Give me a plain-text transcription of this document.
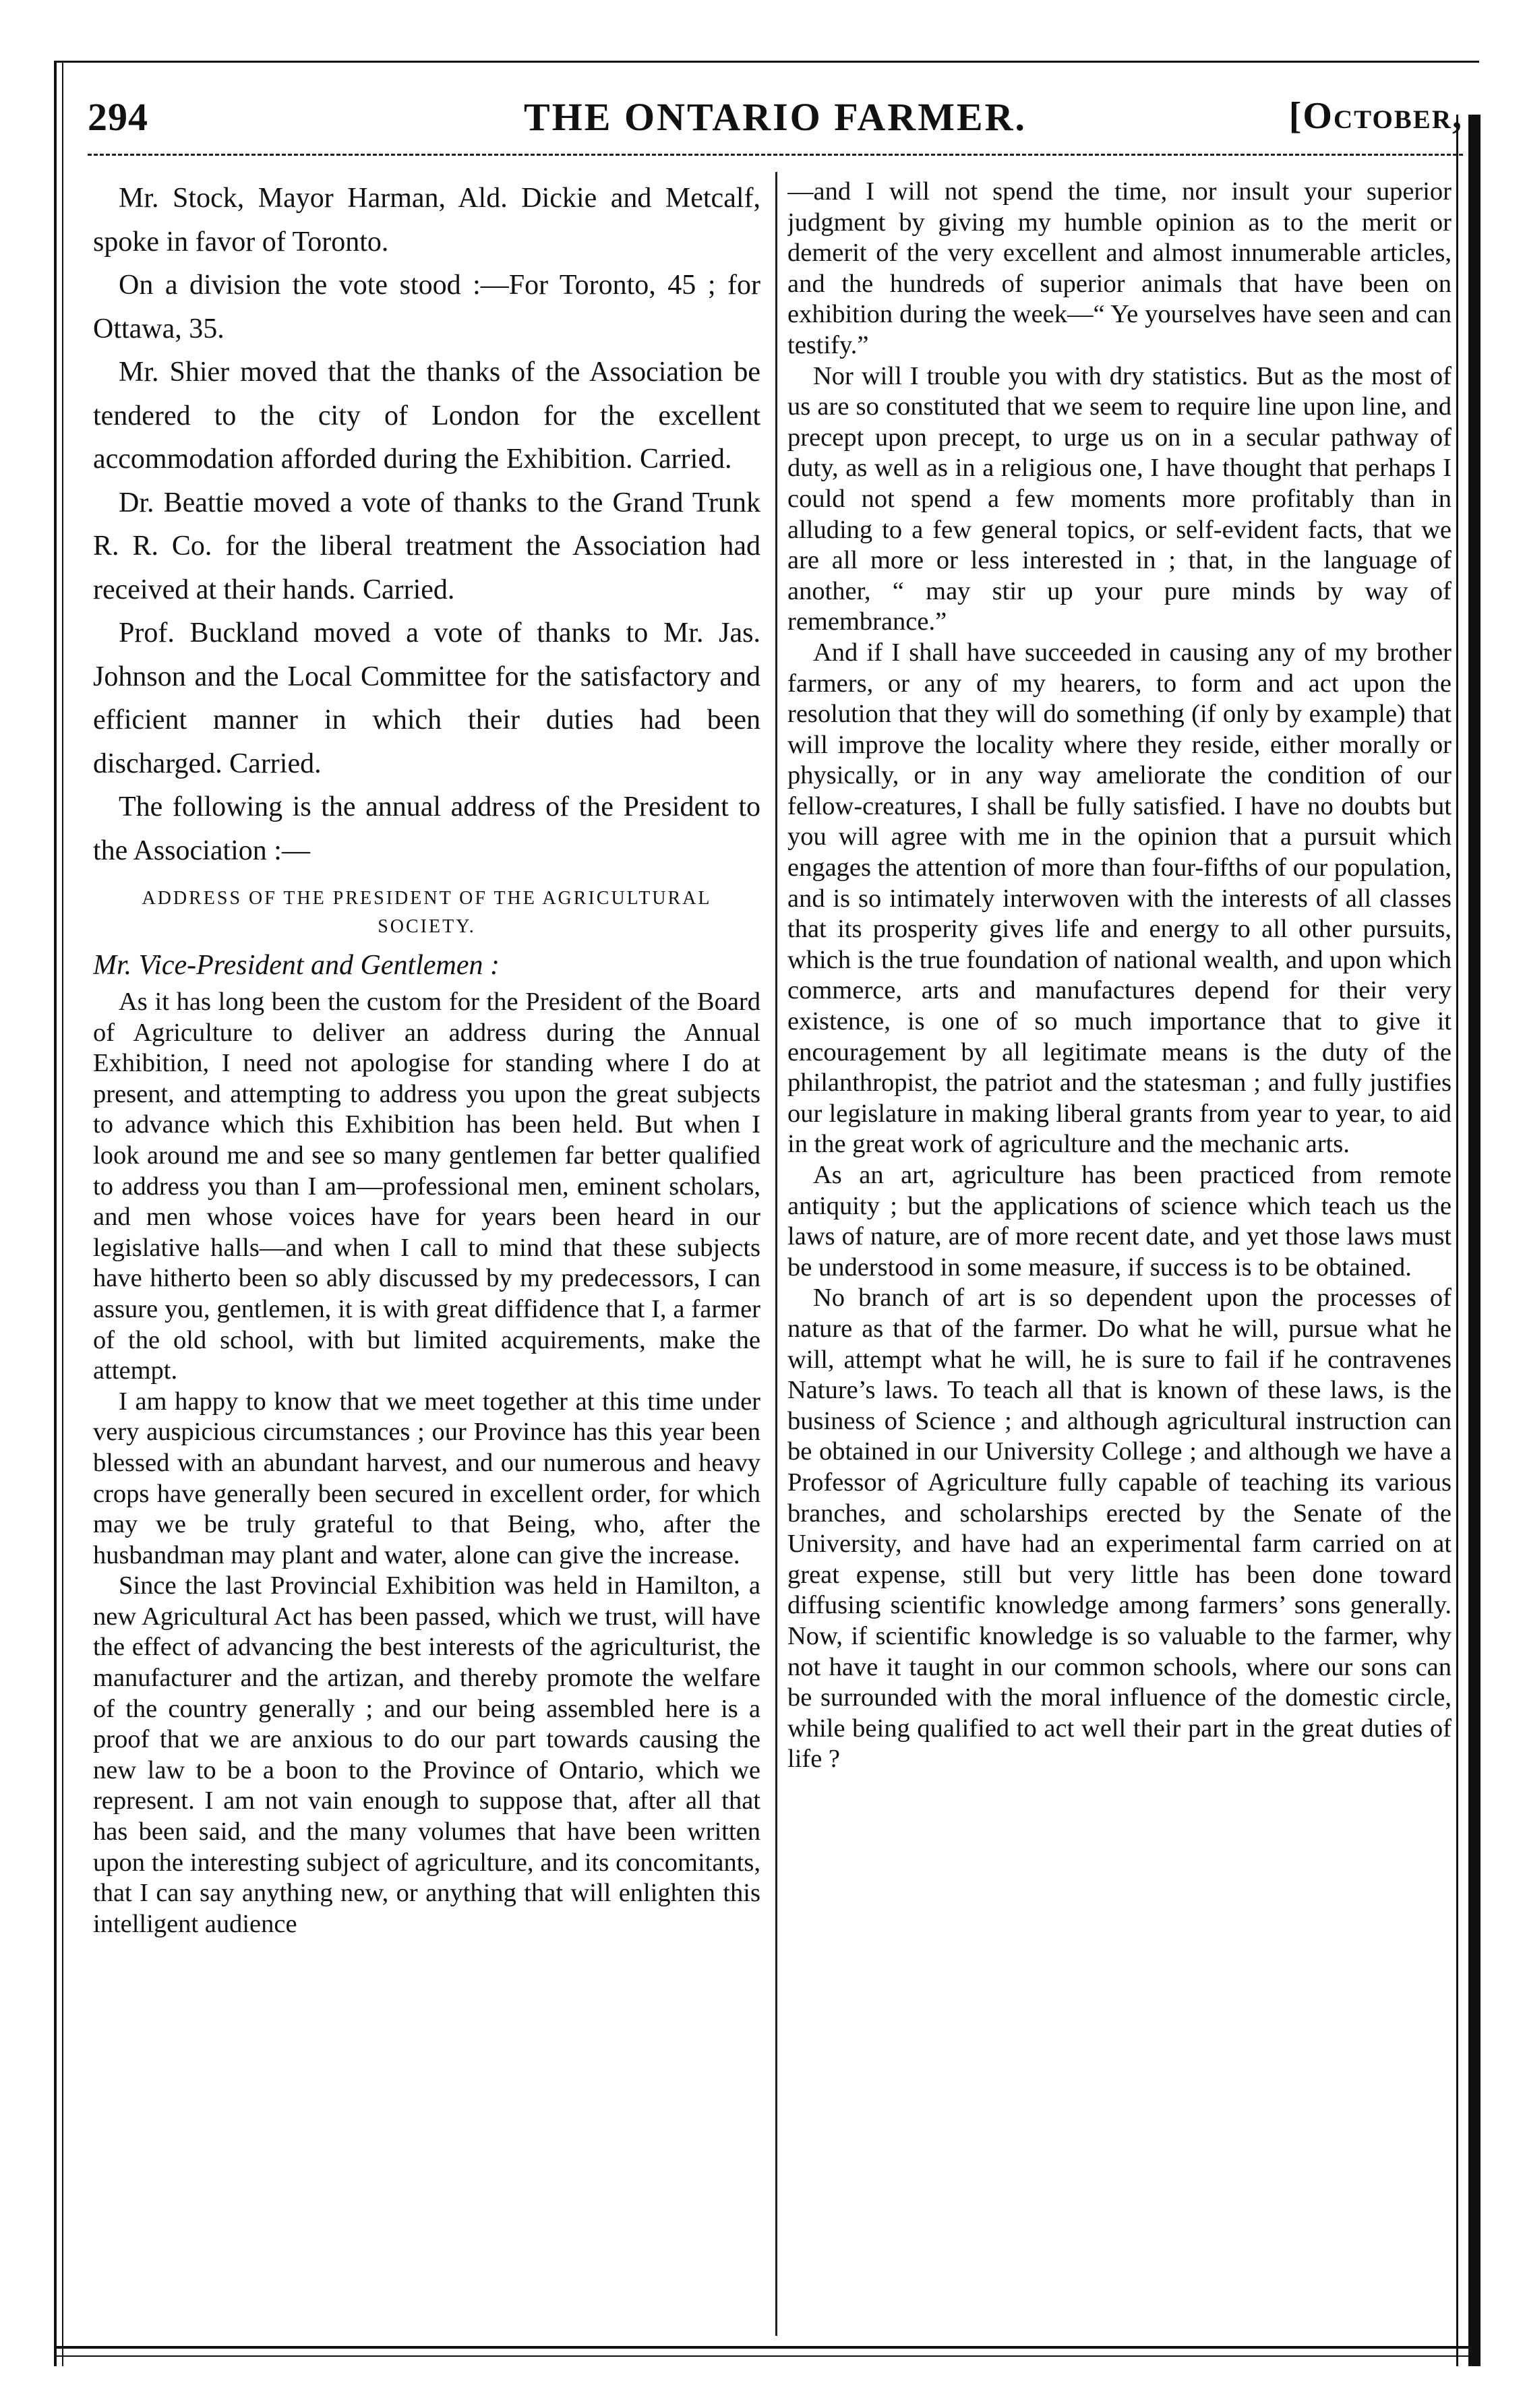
294	THE ONTARIO FARMER.	[October,

Mr. Stock, Mayor Harman, Ald. Dickie and Metcalf, spoke in favor of Toronto.

On a division the vote stood :—For Toronto, 45 ; for Ottawa, 35.

Mr. Shier moved that the thanks of the Association be tendered to the city of London for the excellent accommodation afforded during the Exhibition. Carried.

Dr. Beattie moved a vote of thanks to the Grand Trunk R. R. Co. for the liberal treatment the Association had received at their hands. Carried.

Prof. Buckland moved a vote of thanks to Mr. Jas. Johnson and the Local Committee for the satisfactory and efficient manner in which their duties had been discharged. Carried.

The following is the annual address of the President to the Association :—

ADDRESS OF THE PRESIDENT OF THE AGRICULTURAL SOCIETY.
Mr. Vice-President and Gentlemen :

As it has long been the custom for the President of the Board of Agriculture to deliver an address during the Annual Exhibition, I need not apologise for standing where I do at present, and attempting to address you upon the great subjects to advance which this Exhibition has been held. But when I look around me and see so many gentlemen far better qualified to address you than I am—professional men, eminent scholars, and men whose voices have for years been heard in our legislative halls—and when I call to mind that these subjects have hitherto been so ably discussed by my predecessors, I can assure you, gentlemen, it is with great diffidence that I, a farmer of the old school, with but limited acquirements, make the attempt.

I am happy to know that we meet together at this time under very auspicious circumstances ; our Province has this year been blessed with an abundant harvest, and our numerous and heavy crops have generally been secured in excellent order, for which may we be truly grateful to that Being, who, after the husbandman may plant and water, alone can give the increase.

Since the last Provincial Exhibition was held in Hamilton, a new Agricultural Act has been passed, which we trust, will have the effect of advancing the best interests of the agriculturist, the manufacturer and the artizan, and thereby promote the welfare of the country generally ; and our being assembled here is a proof that we are anxious to do our part towards causing the new law to be a boon to the Province of Ontario, which we represent. I am not vain enough to suppose that, after all that has been said, and the many volumes that have been written upon the interesting subject of agriculture, and its concomitants, that I can say anything new, or anything that will enlighten this intelligent audience

—and I will not spend the time, nor insult your superior judgment by giving my humble opinion as to the merit or demerit of the very excellent and almost innumerable articles, and the hundreds of superior animals that have been on exhibition during the week—“ Ye yourselves have seen and can testify.”

Nor will I trouble you with dry statistics. But as the most of us are so constituted that we seem to require line upon line, and precept upon precept, to urge us on in a secular pathway of duty, as well as in a religious one, I have thought that perhaps I could not spend a few moments more profitably than in alluding to a few general topics, or self-evident facts, that we are all more or less interested in ; that, in the language of another, “ may stir up your pure minds by way of remembrance.”

And if I shall have succeeded in causing any of my brother farmers, or any of my hearers, to form and act upon the resolution that they will do something (if only by example) that will improve the locality where they reside, either morally or physically, or in any way ameliorate the condition of our fellow-creatures, I shall be fully satisfied. I have no doubts but you will agree with me in the opinion that a pursuit which engages the attention of more than four-fifths of our population, and is so intimately interwoven with the interests of all classes that its prosperity gives life and energy to all other pursuits, which is the true foundation of national wealth, and upon which commerce, arts and manufactures depend for their very existence, is one of so much importance that to give it encouragement by all legitimate means is the duty of the philanthropist, the patriot and the statesman ; and fully justifies our legislature in making liberal grants from year to year, to aid in the great work of agriculture and the mechanic arts.

As an art, agriculture has been practiced from remote antiquity ; but the applications of science which teach us the laws of nature, are of more recent date, and yet those laws must be understood in some measure, if success is to be obtained.

No branch of art is so dependent upon the processes of nature as that of the farmer. Do what he will, pursue what he will, attempt what he will, he is sure to fail if he contravenes Nature’s laws. To teach all that is known of these laws, is the business of Science ; and although agricultural instruction can be obtained in our University College ; and although we have a Professor of Agriculture fully capable of teaching its various branches, and scholarships erected by the Senate of the University, and have had an experimental farm carried on at great expense, still but very little has been done toward diffusing scientific knowledge among farmers’ sons generally. Now, if scientific knowledge is so valuable to the farmer, why not have it taught in our common schools, where our sons can be surrounded with the moral influence of the domestic circle, while being qualified to act well their part in the great duties of life ?
